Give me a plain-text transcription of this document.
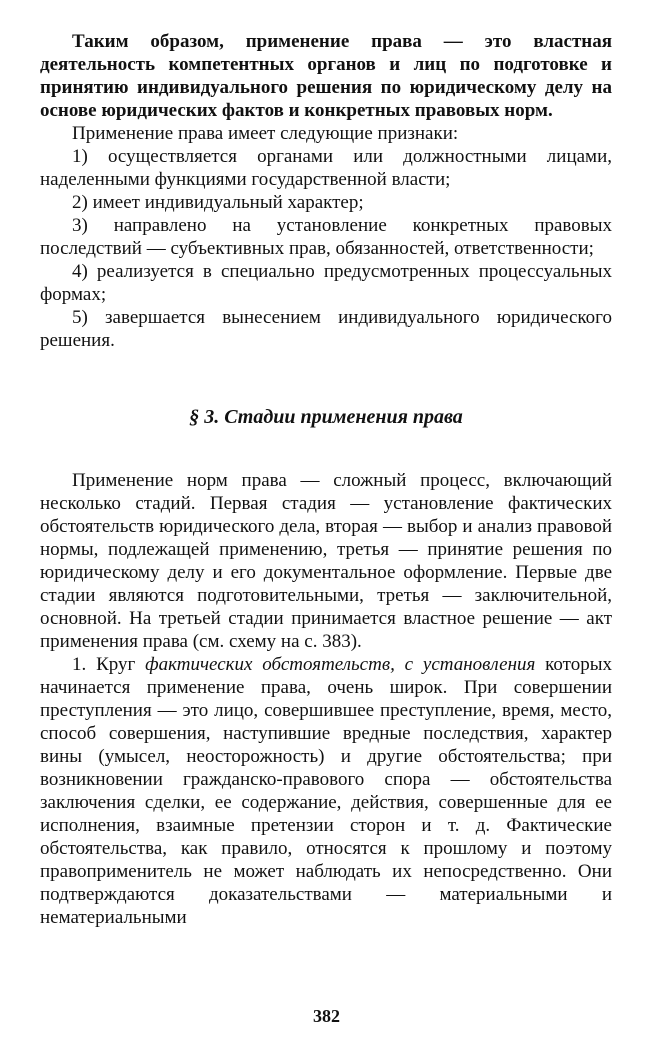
Таким образом, применение права — это властная деятельность компетентных органов и лиц по подготовке и принятию индивидуального решения по юридическому делу на основе юридических фактов и конкретных правовых норм.

Применение права имеет следующие признаки:

1) осуществляется органами или должностными лицами, наделенными функциями государственной власти;

2) имеет индивидуальный характер;

3) направлено на установление конкретных правовых последствий — субъективных прав, обязанностей, ответственности;

4) реализуется в специально предусмотренных процессуальных формах;

5) завершается вынесением индивидуального юридического решения.

§ 3. Стадии применения права

Применение норм права — сложный процесс, включающий несколько стадий. Первая стадия — установление фактических обстоятельств юридического дела, вторая — выбор и анализ правовой нормы, подлежащей применению, третья — принятие решения по юридическому делу и его документальное оформление. Первые две стадии являются подготовительными, третья — заключительной, основной. На третьей стадии принимается властное решение — акт применения права (см. схему на с. 383).

1. Круг фактических обстоятельств, с установления которых начинается применение права, очень широк. При совершении преступления — это лицо, совершившее преступление, время, место, способ совершения, наступившие вредные последствия, характер вины (умысел, неосторожность) и другие обстоятельства; при возникновении гражданско-правового спора — обстоятельства заключения сделки, ее содержание, действия, совершенные для ее исполнения, взаимные претензии сторон и т. д. Фактические обстоятельства, как правило, относятся к прошлому и поэтому правоприменитель не может наблюдать их непосредственно. Они подтверждаются доказательствами — материальными и нематериальными

382
